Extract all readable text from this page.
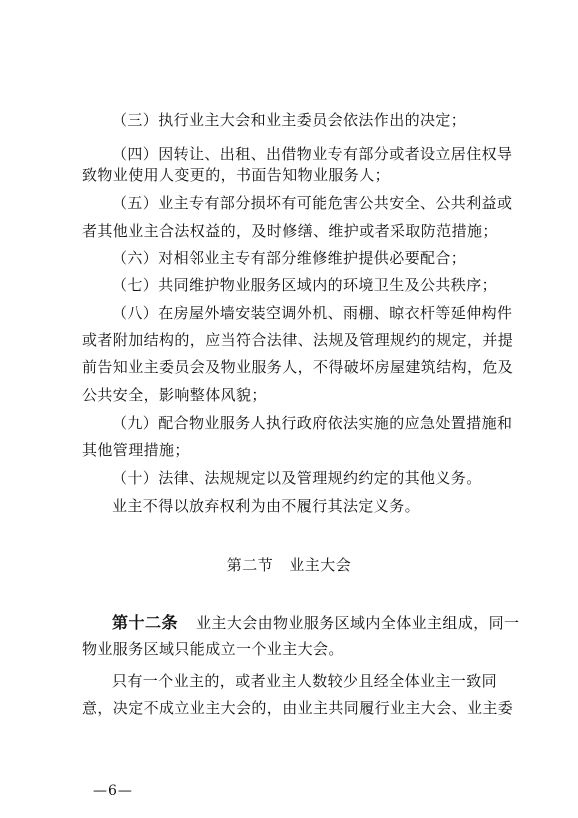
（三）执行业主大会和业主委员会依法作出的决定；
（四）因转让、出租、出借物业专有部分或者设立居住权导
致物业使用人变更的，书面告知物业服务人；
（五）业主专有部分损坏有可能危害公共安全、公共利益或
者其他业主合法权益的，及时修缮、维护或者采取防范措施；
（六）对相邻业主专有部分维修维护提供必要配合；
（七）共同维护物业服务区域内的环境卫生及公共秩序；
（八）在房屋外墙安装空调外机、雨棚、晾衣杆等延伸构件
或者附加结构的，应当符合法律、法规及管理规约的规定，并提
前告知业主委员会及物业服务人，不得破坏房屋建筑结构，危及
公共安全，影响整体风貌；
（九）配合物业服务人执行政府依法实施的应急处置措施和
其他管理措施；
（十）法律、法规规定以及管理规约约定的其他义务。
业主不得以放弃权利为由不履行其法定义务。
第二节 业主大会
第十二条 业主大会由物业服务区域内全体业主组成，同一
物业服务区域只能成立一个业主大会。
只有一个业主的，或者业主人数较少且经全体业主一致同
意，决定不成立业主大会的，由业主共同履行业主大会、业主委
—6—
